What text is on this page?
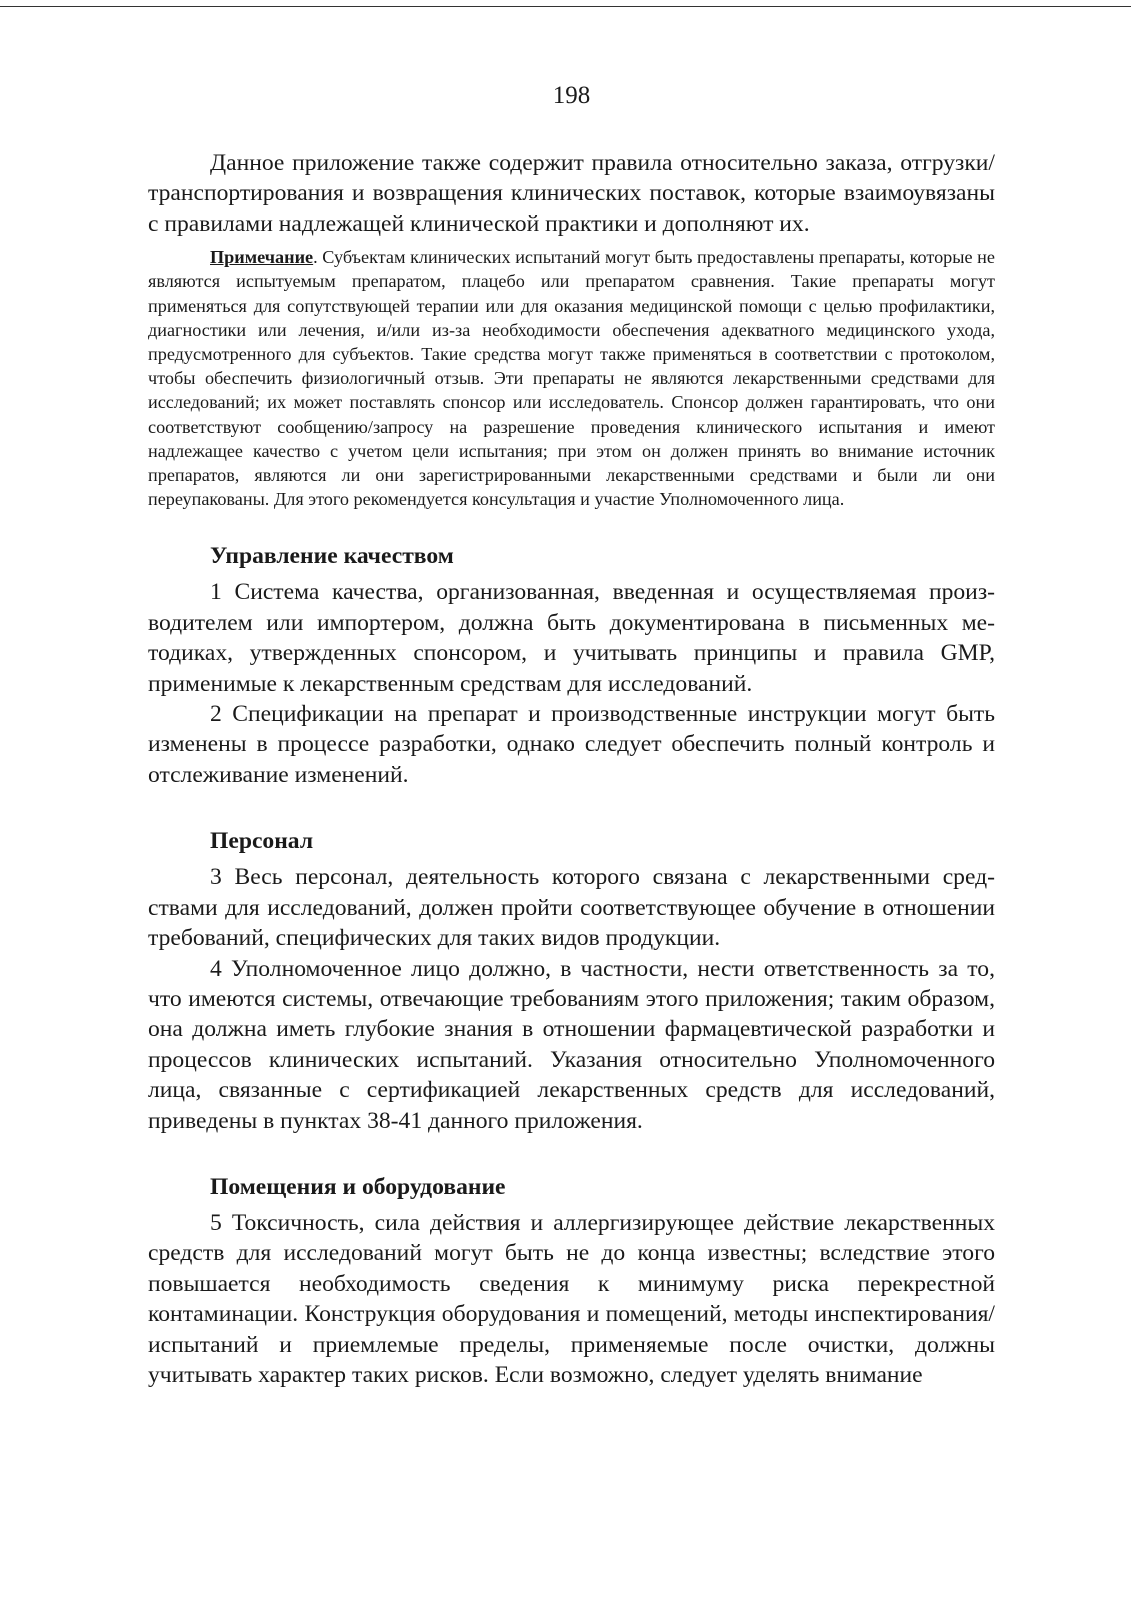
198

Данное приложение также содержит правила относительно заказа, отгрузки/транспортирования и возвращения клинических поставок, которые взаимоувязаны с правилами надлежащей клинической практики и дополняют их.

Примечание. Субъектам клинических испытаний могут быть предоставлены препараты, которые не являются испытуемым препаратом, плацебо или препаратом сравнения. Такие препараты могут применяться для сопутствующей терапии или для оказания медицинской помощи с целью профилактики, диагностики или лечения, и/или из-за необходимости обеспечения адекватного медицинского ухода, предусмотренного для субъектов. Такие средства могут также применяться в соответствии с протоколом, чтобы обеспечить физиологичный отзыв. Эти препараты не являются лекарственными средствами для исследований; их может поставлять спонсор или исследователь. Спонсор должен гарантировать, что они соответствуют сообщению/запросу на разрешение проведения клинического испытания и имеют надлежащее качество с учетом цели испытания; при этом он должен принять во внимание источник препаратов, являются ли они зарегистрированными лекарственными средствами и были ли они переупакованы. Для этого рекомендуется консультация и участие Уполномоченного лица.

Управление качеством

1 Система качества, организованная, введенная и осуществляемая производителем или импортером, должна быть документирована в письменных методиках, утвержденных спонсором, и учитывать принципы и правила GMP, применимые к лекарственным средствам для исследований.

2 Спецификации на препарат и производственные инструкции могут быть изменены в процессе разработки, однако следует обеспечить полный контроль и отслеживание изменений.

Персонал

3 Весь персонал, деятельность которого связана с лекарственными средствами для исследований, должен пройти соответствующее обучение в отношении требований, специфических для таких видов продукции.

4 Уполномоченное лицо должно, в частности, нести ответственность за то, что имеются системы, отвечающие требованиям этого приложения; таким образом, она должна иметь глубокие знания в отношении фармацевтической разработки и процессов клинических испытаний. Указания относительно Уполномоченного лица, связанные с сертификацией лекарственных средств для исследований, приведены в пунктах 38-41 данного приложения.

Помещения и оборудование

5 Токсичность, сила действия и аллергизирующее действие лекарственных средств для исследований могут быть не до конца известны; вследствие этого повышается необходимость сведения к минимуму риска перекрестной контаминации. Конструкция оборудования и помещений, методы инспектирования/испытаний и приемлемые пределы, применяемые после очистки, должны учитывать характер таких рисков. Если возможно, следует уделять внимание
